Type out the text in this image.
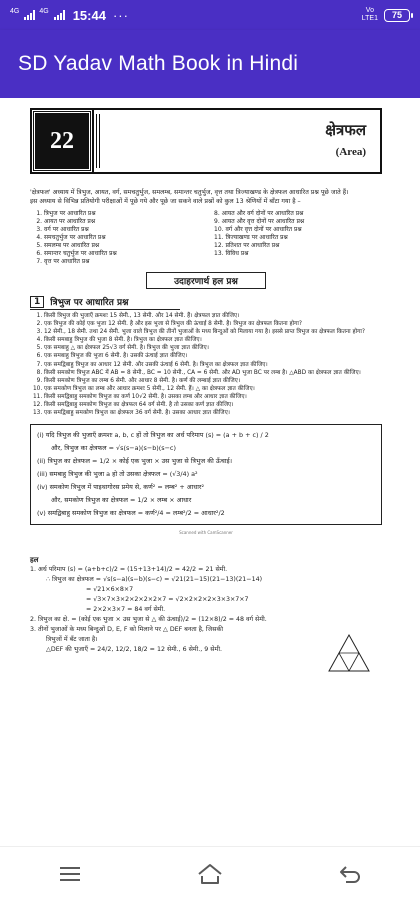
4G	4G 15:44 ···	Vo
LTE1 75
SD Yadav Math Book in Hindi
22	क्षेत्रफल
(Area)

'क्षेत्रफल' अध्याय में त्रिभुज, आयत, वर्ग, समचतुर्भुज, समलम्ब, समान्तर चतुर्भुज, वृत्त तथा त्रिज्याखण्ड के क्षेत्रफल आधारित प्रश्न पूछे जाते हैं।

इस अध्याय से विभिन्न प्रतियोगी परीक्षाओं में पूछे गये और पूछे जा सकने वाले प्रश्नों को कुल 13 श्रेणियों में बाँटा गया है –

1. त्रिभुज पर आधारित प्रश्न
2. आयत पर आधारित प्रश्न
3. वर्ग पर आधारित प्रश्न
4. समचतुर्भुज पर आधारित प्रश्न
5. समलम्ब पर आधारित प्रश्न
6. समान्तर चतुर्भुज पर आधारित प्रश्न
7. वृत्त पर आधारित प्रश्न
8. आयत और वर्ग दोनों पर आधारित प्रश्न
9. आयत और वृत्त दोनों पर आधारित प्रश्न
10. वर्ग और वृत्त दोनों पर आधारित प्रश्न
11. त्रिज्याखण्ड पर आधारित प्रश्न
12. प्रतिशत पर आधारित प्रश्न
13. विविध प्रश्न
उदाहरणार्थ हल प्रश्न
1	त्रिभुज पर आधारित प्रश्न
1. किसी त्रिभुज की भुजाएँ क्रमशः 15 सेमी., 13 सेमी. और 14 सेमी. हैं। क्षेत्रफल ज्ञात कीजिए।
2. एक त्रिभुज की कोई एक भुजा 12 सेमी. है और इस भुजा से त्रिभुज की ऊंचाई 8 सेमी. है। त्रिभुज का क्षेत्रफल कितना होगा?
3. 12 सेमी., 18 सेमी. तथा 24 सेमी. भुजा वाले त्रिभुज की तीनों भुजाओं के मध्य बिन्दुओं को मिलाया गया है। इससे प्राप्त त्रिभुज का क्षेत्रफल कितना होगा?
4. किसी समबाहु त्रिभुज की भुजा 8 सेमी. है। त्रिभुज का क्षेत्रफल ज्ञात कीजिए।
5. एक समबाहु △ का क्षेत्रफल 25√3 वर्ग सेमी. है। त्रिभुज की भुजा ज्ञात कीजिए।
6. एक समबाहु त्रिभुज की भुजा 6 सेमी. है। उसकी ऊंचाई ज्ञात कीजिए।
7. एक समद्विबाहु त्रिभुज का आधार 12 सेमी. और उसकी ऊंचाई 6 सेमी. है। त्रिभुज का क्षेत्रफल ज्ञात कीजिए।
8. किसी समकोण त्रिभुज ABC में AB = 8 सेमी., BC = 10 सेमी., CA = 6 सेमी. और AD भुजा BC पर लम्ब है। △ABD का क्षेत्रफल ज्ञात कीजिए।
9. किसी समकोण त्रिभुज का लम्ब 6 सेमी. और आधार 8 सेमी. है। कर्ण की लम्बाई ज्ञात कीजिए।
10. एक समकोण त्रिभुज का लम्ब और आधार क्रमशः 5 सेमी., 12 सेमी. हैं। △ का क्षेत्रफल ज्ञात कीजिए।
11. किसी समद्विबाहु समकोण त्रिभुज का कर्ण 10√2 सेमी. है। उसका लम्ब और आधार ज्ञात कीजिए।
12. किसी समद्विबाहु समकोण त्रिभुज का क्षेत्रफल 64 वर्ग सेमी. है तो उसका कर्ण ज्ञात कीजिए।
13. एक समद्विबाहु समकोण त्रिभुज का क्षेत्रफल 36 वर्ग सेमी. है। उसका आधार ज्ञात कीजिए।
(i) यदि त्रिभुज की भुजाएँ क्रमशः a, b, c हों तो त्रिभुज का अर्ध परिमाप (s) = (a + b + c) / 2
और, त्रिभुज का क्षेत्रफल = √s(s−a)(s−b)(s−c)
(ii) त्रिभुज का क्षेत्रफल = 1/2 × कोई एक भुजा × उस भुजा से त्रिभुज की ऊँचाई।
(iii) समबाहु त्रिभुज की भुजा a हो तो उसका क्षेत्रफल = (√3/4) a²
(iv) समकोण त्रिभुज में पाइथागोरस प्रमेय से, कर्ण² = लम्ब² + आधार²
और, समकोण त्रिभुज का क्षेत्रफल = 1/2 × लम्ब × आधार
(v) समद्विबाहु समकोण त्रिभुज का क्षेत्रफल = कर्ण²/4 = लम्ब²/2 = आधार²/2
Scanned with CamScanner
हल
1. अर्ध परिमाप (s) = (a+b+c)/2 = (15+13+14)/2 = 42/2 = 21 सेमी.
∴ त्रिभुज का क्षेत्रफल = √s(s−a)(s−b)(s−c) = √21(21−15)(21−13)(21−14)
= √21×6×8×7
= √3×7×3×2×2×2×2×7 = √2×2×2×2×3×3×7×7
= 2×2×3×7 = 84 वर्ग सेमी.
2. त्रिभुज का क्षे. = (कोई एक भुजा × उस भुजा से △ की ऊंचाई)/2 = (12×8)/2 = 48 वर्ग सेमी.
3. तीनों भुजाओं के मध्य बिन्दुओं D, E, F को मिलाने पर △ DEF बनता है, जिसकी
त्रिभुजों में बँट जाता है।
△DEF की भुजाएँ = 24/2, 12/2, 18/2 = 12 सेमी., 6 सेमी., 9 सेमी.
